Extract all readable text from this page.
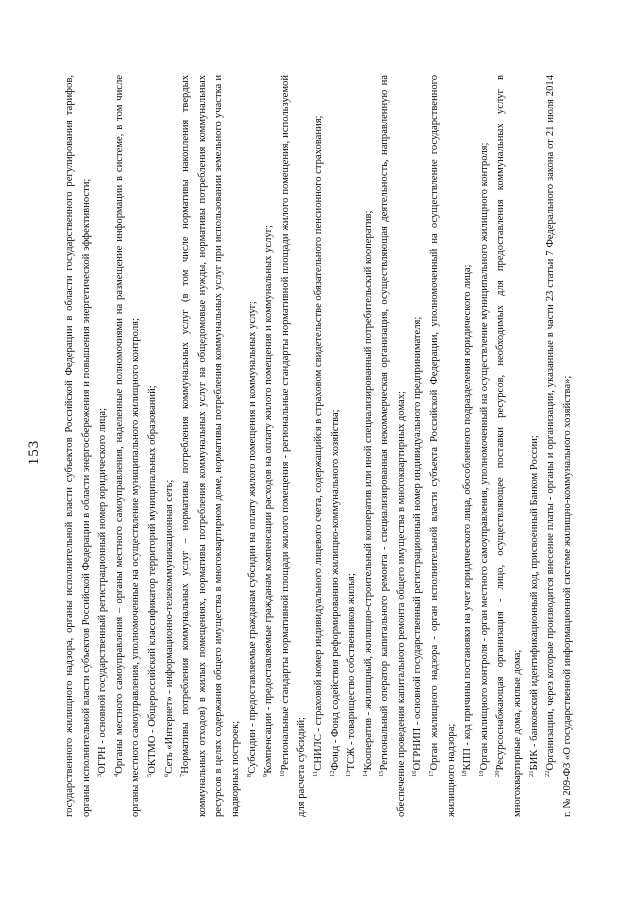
153 государственного жилищного надзора, органы исполнительной власти субъектов Российской Федерации в области государственного регулирования тарифов, органы исполнительной власти субъектов Российской Федерации в области энергосбережения и повышения энергетической эффективности; $^3$ОГРН - основной государственный регистрационный номер юридического лица;

$^4$Органы местного самоуправления – органы местного самоуправления, наделенные полномочиями на размещение информации в системе, в том числе органы местного самоуправления, уполномоченные на осуществление муниципального жилищного контроля; $^5$ОКТМО - Общероссийский классификатор территорий муниципальных образований;

$^6$Сеть «Интернет» - информационно-телекоммуникационная сеть;

$^7$Нормативы потребления коммунальных услуг – нормативы потребления коммунальных услуг (в том числе нормативы накопления твердых коммунальных отходов) в жилых помещениях, нормативы потребления коммунальных услуг на общедомовые нужды, нормативы потребления коммунальных ресурсов в целях содержания общего имущества в многоквартирном доме, нормативы потребления коммунальных услуг при использовании земельного участка и надворных построек; $^8$Субсидии - предоставляемые гражданам субсидии на оплату жилого помещения и коммунальных услуг;

$^9$Компенсации - предоставляемые гражданам компенсации расходов на оплату жилого помещения и коммунальных услуг; $^{10}$Региональные стандарты нормативной площади жилого помещения - региональные стандарты нормативной площади жилого помещения, используемой для расчета субсидий; $^{11}$СНИЛС - страховой номер индивидуального лицевого счета, содержащийся в страховом свидетельстве обязательного пенсионного страхования;

$^{12}$Фонд - Фонд содействия реформированию жилищно-коммунального хозяйства;

$^{13}$ТСЖ - товарищество собственников жилья;

$^{14}$Кооператив - жилищный, жилищно-строительный кооператив или иной специализированный потребительский кооператив;

$^{15}$Региональный оператор капитального ремонта - специализированная некоммерческая организация, осуществляющая деятельность, направленную на обеспечение проведения капитального ремонта общего имущества в многоквартирных домах; $^{16}$ОГРНИП - основной государственный регистрационный номер индивидуального предпринимателя;

$^{17}$Орган жилищного надзора - орган исполнительной власти субъекта Российской Федерации, уполномоченный на осуществление государственного жилищного надзора; $^{18}$КПП - код причины постановки на учет юридического лица, обособленного подразделения юридического лица;

$^{19}$Орган жилищного контроля - орган местного самоуправления, уполномоченный на осуществление муниципального жилищного контроля;

$^{20}$Ресурсоснабжающая организация - лицо, осуществляющее поставки ресурсов, необходимых для предоставления коммунальных услуг в многоквартирные дома, жилые дома; $^{21}$БИК - банковский идентификационный код, присвоенный Банком России;

$^{22}$Организации, через которые производится внесение платы - органы и организации, указанные в части 23 статьи 7 Федерального закона от 21 июля 2014 г. № 209-ФЗ «О государственной информационной системе жилищно-коммунального хозяйства»;
